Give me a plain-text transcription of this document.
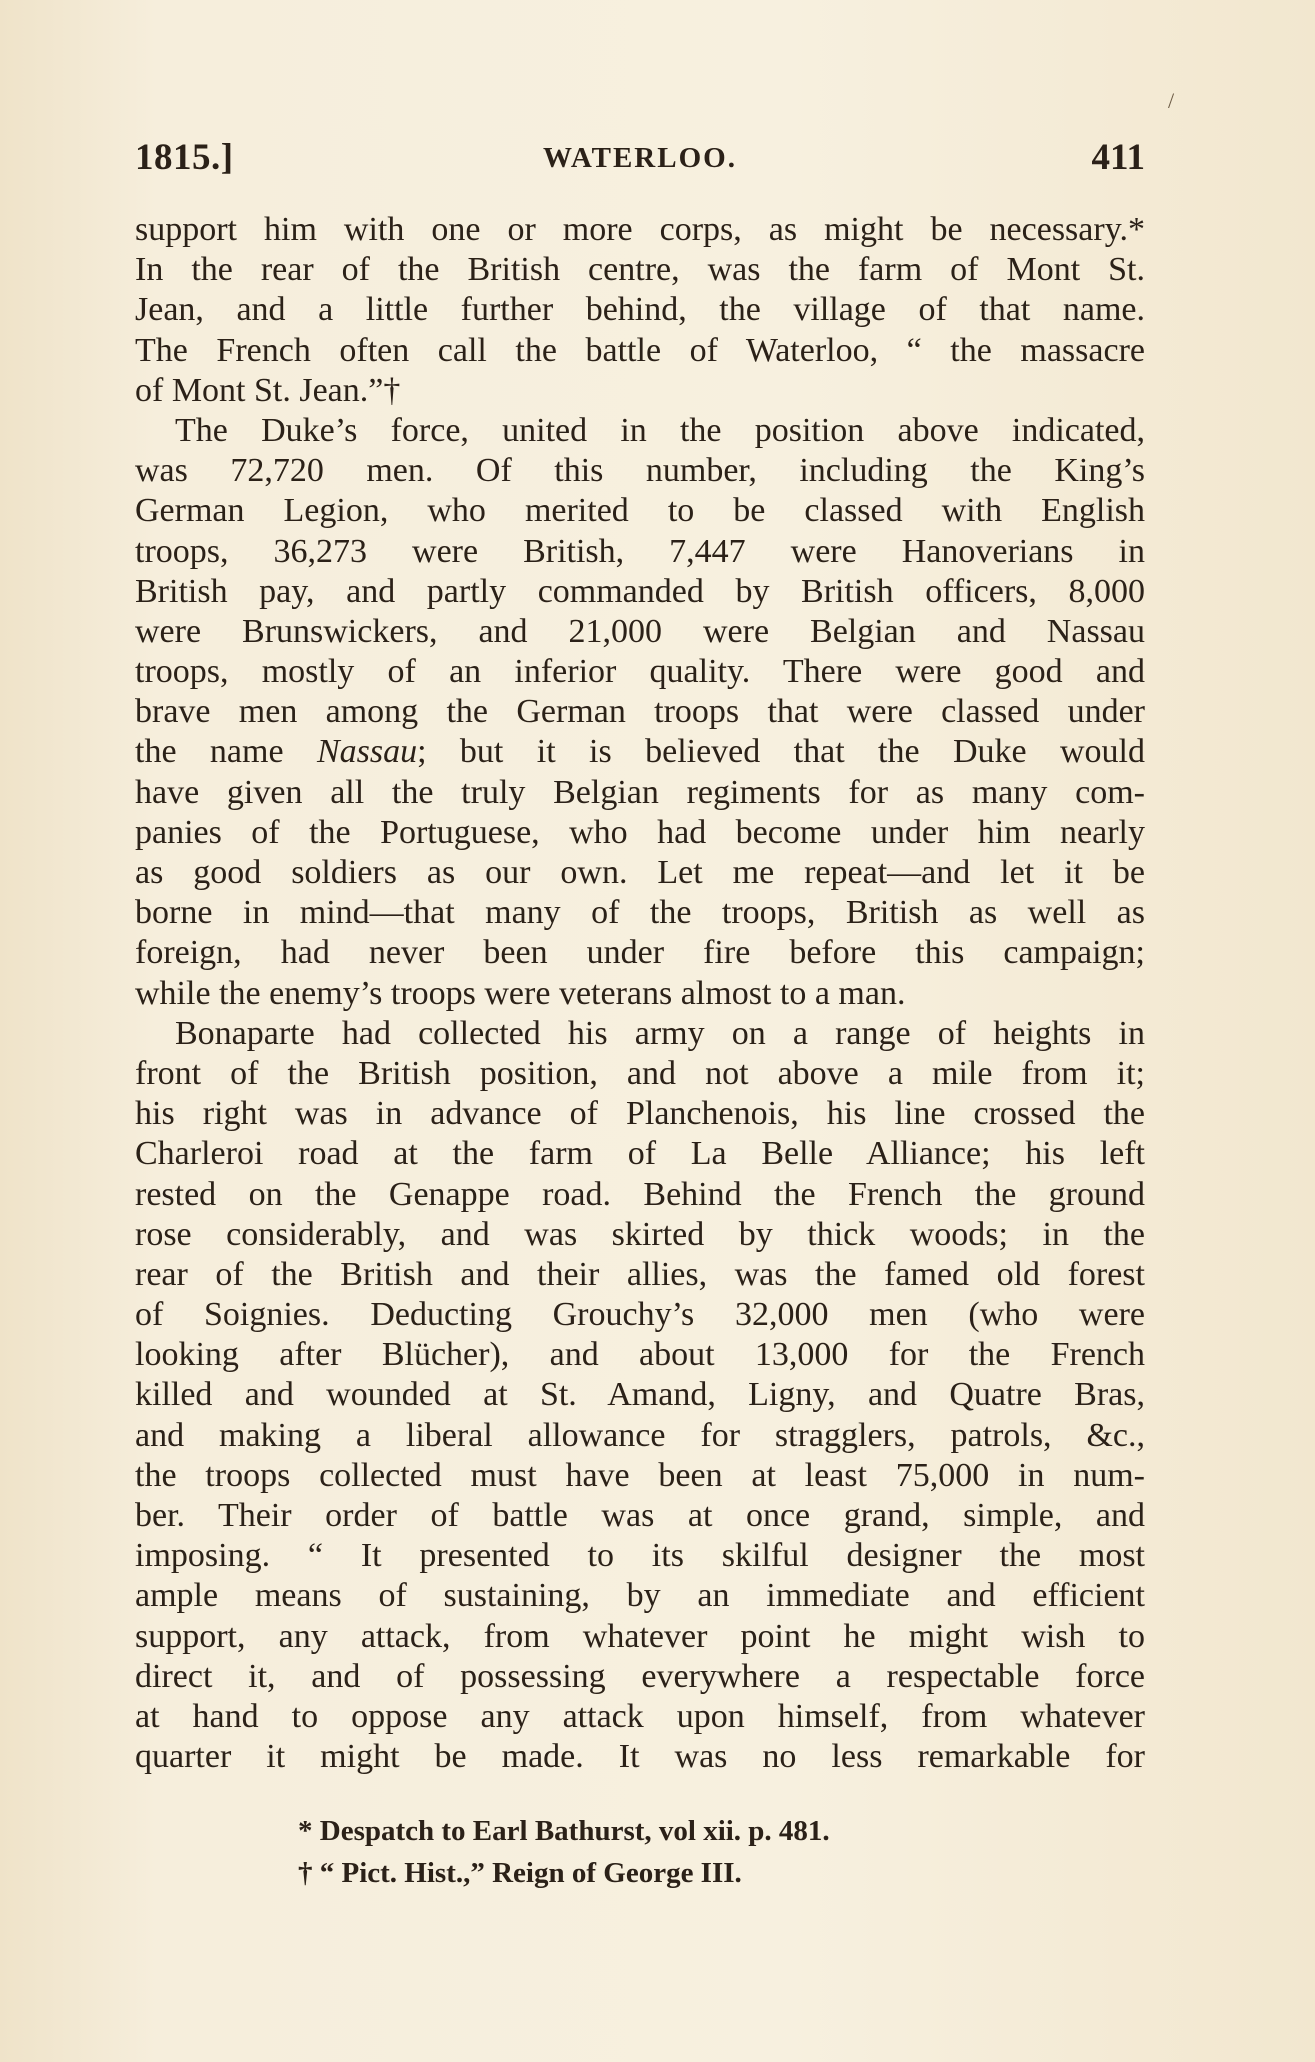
/
1815.]	WATERLOO.	411
support him with one or more corps, as might be necessary.*
In the rear of the British centre, was the farm of Mont St.
Jean, and a little further behind, the village of that name.
The French often call the battle of Waterloo, “ the massacre
of Mont St. Jean.”†
The Duke’s force, united in the position above indicated,
was 72,720 men. Of this number, including the King’s
German Legion, who merited to be classed with English
troops, 36,273 were British, 7,447 were Hanoverians in
British pay, and partly commanded by British officers, 8,000
were Brunswickers, and 21,000 were Belgian and Nassau
troops, mostly of an inferior quality. There were good and
brave men among the German troops that were classed under
the name Nassau; but it is believed that the Duke would
have given all the truly Belgian regiments for as many com-
panies of the Portuguese, who had become under him nearly
as good soldiers as our own. Let me repeat—and let it be
borne in mind—that many of the troops, British as well as
foreign, had never been under fire before this campaign;
while the enemy’s troops were veterans almost to a man.
Bonaparte had collected his army on a range of heights in
front of the British position, and not above a mile from it;
his right was in advance of Planchenois, his line crossed the
Charleroi road at the farm of La Belle Alliance; his left
rested on the Genappe road. Behind the French the ground
rose considerably, and was skirted by thick woods; in the
rear of the British and their allies, was the famed old forest
of Soignies. Deducting Grouchy’s 32,000 men (who were
looking after Blücher), and about 13,000 for the French
killed and wounded at St. Amand, Ligny, and Quatre Bras,
and making a liberal allowance for stragglers, patrols, &c.,
the troops collected must have been at least 75,000 in num-
ber. Their order of battle was at once grand, simple, and
imposing. “ It presented to its skilful designer the most
ample means of sustaining, by an immediate and efficient
support, any attack, from whatever point he might wish to
direct it, and of possessing everywhere a respectable force
at hand to oppose any attack upon himself, from whatever
quarter it might be made. It was no less remarkable for
* Despatch to Earl Bathurst, vol xii. p. 481.
† “ Pict. Hist.,” Reign of George III.
